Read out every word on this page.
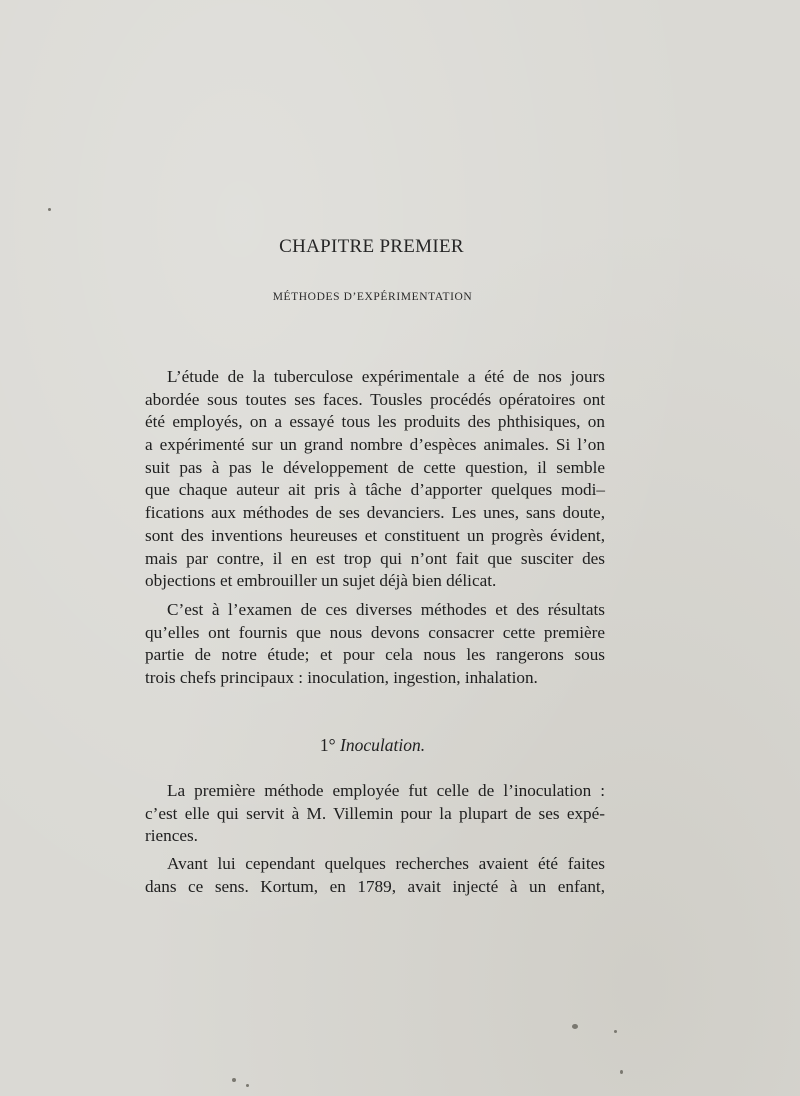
CHAPITRE PREMIER
MÉTHODES D’EXPÉRIMENTATION
L’étude de la tuberculose expérimentale a été de nos jours
abordée sous toutes ses faces. Tousles procédés opératoires ont
été employés, on a essayé tous les produits des phthisiques, on
a expérimenté sur un grand nombre d’espèces animales. Si l’on
suit pas à pas le développement de cette question, il semble
que chaque auteur ait pris à tâche d’apporter quelques modi–
fications aux méthodes de ses devanciers. Les unes, sans doute,
sont des inventions heureuses et constituent un progrès évident,
mais par contre, il en est trop qui n’ont fait que susciter des
objections et embrouiller un sujet déjà bien délicat.
C’est à l’examen de ces diverses méthodes et des résultats
qu’elles ont fournis que nous devons consacrer cette première
partie de notre étude; et pour cela nous les rangerons sous
trois chefs principaux : inoculation, ingestion, inhalation.
1° Inoculation.
La première méthode employée fut celle de l’inoculation :
c’est elle qui servit à M. Villemin pour la plupart de ses expé-
riences.
Avant lui cependant quelques recherches avaient été faites
dans ce sens. Kortum, en 1789, avait injecté à un enfant,
